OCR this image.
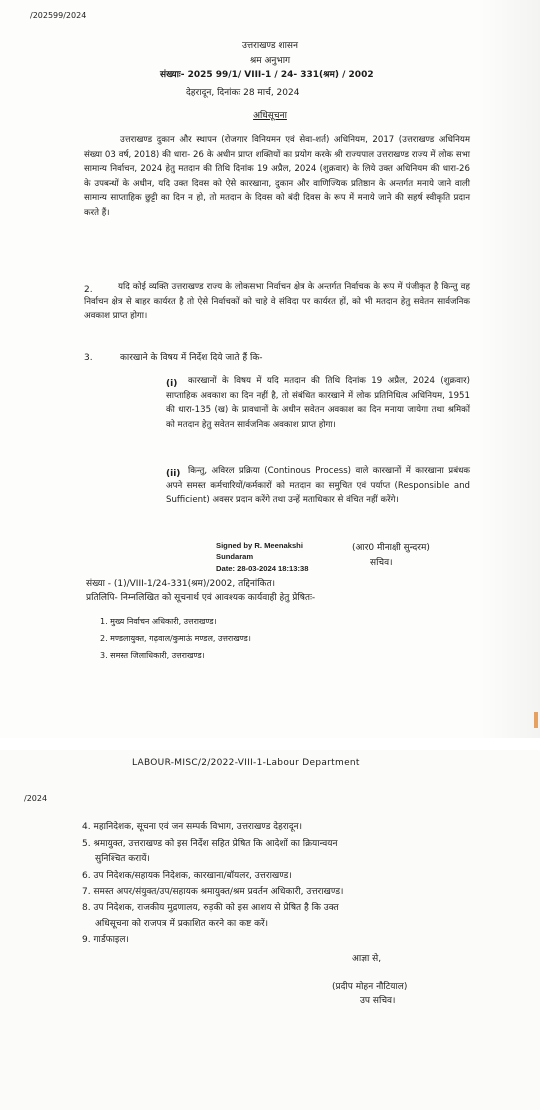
/202599/2024
उत्तराखण्ड शासन
श्रम अनुभाग
संख्याः- 2025 99/1/ VIII-1 / 24- 331(श्रम) / 2002
देहरादून, दिनांकः 28 मार्च, 2024
अधिसूचना
उत्तराखण्ड दुकान और स्थापन (रोजगार विनियमन एवं सेवा-शर्त) अधिनियम, 2017 (उत्तराखण्ड अधिनियम संख्या 03 वर्ष, 2018) की धारा- 26 के अधीन प्राप्त शक्तियों का प्रयोग करके श्री राज्यपाल उत्तराखण्ड राज्य में लोक सभा सामान्य निर्वाचन, 2024 हेतु मतदान की तिथि दिनांक 19 अप्रैल, 2024 (शुक्रवार) के लिये उक्त अधिनियम की धारा-26 के उपबन्धों के अधीन, यदि उक्त दिवस को ऐसे कारखाना, दुकान और वाणिज्यिक प्रतिष्ठान के अन्तर्गत मनाये जाने वाली सामान्य साप्ताहिक छुट्टी का दिन न हो, तो मतदान के दिवस को बंदी दिवस के रूप में मनाये जाने की सहर्ष स्वीकृति प्रदान करते हैं।
2.	यदि कोई व्यक्ति उत्तराखण्ड राज्य के लोकसभा निर्वाचन क्षेत्र के अन्तर्गत निर्वाचक के रूप में पंजीकृत है किन्तु वह निर्वाचन क्षेत्र से बाहर कार्यरत है तो ऐसे निर्वाचकों को चाहे वे संविदा पर कार्यरत हों, को भी मतदान हेतु सवेतन सार्वजनिक अवकाश प्राप्त होगा।
3.	कारखाने के विषय में निर्देश दिये जाते हैं कि-
(i)	कारखानों के विषय में यदि मतदान की तिथि दिनांक 19 अप्रैल, 2024 (शुक्रवार) साप्ताहिक अवकाश का दिन नहीं है, तो संबंधित कारखाने में लोक प्रतिनिधित्व अधिनियम, 1951 की धारा-135 (ख) के प्रावधानों के अधीन सवेतन अवकाश का दिन मनाया जायेगा तथा श्रमिकों को मतदान हेतु सवेतन सार्वजनिक अवकाश प्राप्त होगा।
(ii) किन्तु, अविरल प्रक्रिया (Continous Process) वाले कारखानों में कारखाना प्रबंधक अपने समस्त कर्मचारियों/कर्मकारों को मतदान का समुचित एवं पर्याप्त (Responsible and Sufficient) अवसर प्रदान करेंगे तथा उन्हें मताधिकार से वंचित नहीं करेंगे।
Signed by R. Meenakshi
Sundaram
Date: 28-03-2024 18:13:38
(आर0 मीनाक्षी सुन्दरम)
सचिव।
संख्या - (1)/VIII-1/24-331(श्रम)/2002, तद्दिनांकित।
प्रतिलिपि- निम्नलिखित को सूचनार्थ एवं आवश्यक कार्यवाही हेतु प्रेषितः-
1. मुख्य निर्वाचन अधिकारी, उत्तराखण्ड।
2. मण्डलायुक्त, गढ़वाल/कुमाऊं मण्डल, उत्तराखण्ड।
3. समस्त जिलाधिकारी, उत्तराखण्ड।
LABOUR-MISC/2/2022-VIII-1-Labour Department
/2024
4. महानिदेशक, सूचना एवं जन सम्पर्क विभाग, उत्तराखण्ड देहरादून।
5. श्रमायुक्त, उत्तराखण्ड को इस निर्देश सहित प्रेषित कि आदेशों का क्रियान्वयन
सुनिश्चित करायें।
6. उप निदेशक/सहायक निदेशक, कारखाना/बॉयलर, उत्तराखण्ड।
7. समस्त अपर/संयुक्त/उप/सहायक श्रमायुक्त/श्रम प्रवर्तन अधिकारी, उत्तराखण्ड।
8. उप निदेशक, राजकीय मुद्रणालय, रुड़की को इस आशय से प्रेषित है कि उक्त
अधिसूचना को राजपत्र में प्रकाशित करने का कष्ट करें।
9. गार्डफाइल।
आज्ञा से,
(प्रदीप मोहन नौटियाल)
उप सचिव।
